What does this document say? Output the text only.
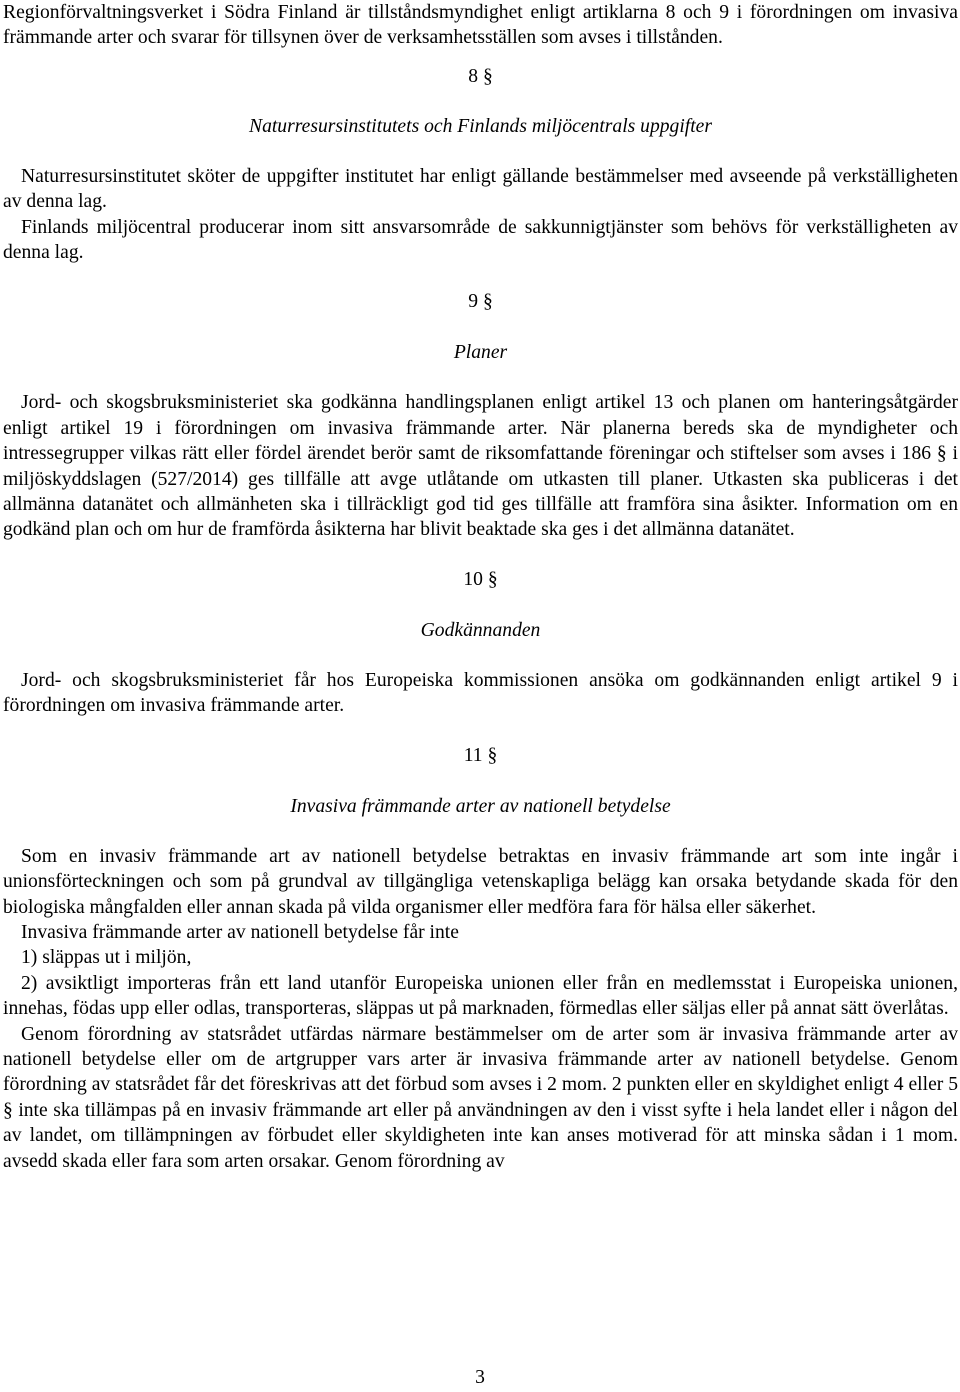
Regionförvaltningsverket i Södra Finland är tillståndsmyndighet enligt artiklarna 8 och 9 i förordningen om invasiva främmande arter och svarar för tillsynen över de verksamhetsställen som avses i tillstånden.

8 §

Naturresursinstitutets och Finlands miljöcentrals uppgifter

Naturresursinstitutet sköter de uppgifter institutet har enligt gällande bestämmelser med avseende på verkställigheten av denna lag.

Finlands miljöcentral producerar inom sitt ansvarsområde de sakkunnigtjänster som behövs för verkställigheten av denna lag.

9 §

Planer

Jord- och skogsbruksministeriet ska godkänna handlingsplanen enligt artikel 13 och planen om hanteringsåtgärder enligt artikel 19 i förordningen om invasiva främmande arter. När planerna bereds ska de myndigheter och intressegrupper vilkas rätt eller fördel ärendet berör samt de riksomfattande föreningar och stiftelser som avses i 186 § i miljöskyddslagen (527/2014) ges tillfälle att avge utlåtande om utkasten till planer. Utkasten ska publiceras i det allmänna datanätet och allmänheten ska i tillräckligt god tid ges tillfälle att framföra sina åsikter. Information om en godkänd plan och om hur de framförda åsikterna har blivit beaktade ska ges i det allmänna datanätet.

10 §

Godkännanden

Jord- och skogsbruksministeriet får hos Europeiska kommissionen ansöka om godkännanden enligt artikel 9 i förordningen om invasiva främmande arter.

11 §

Invasiva främmande arter av nationell betydelse

Som en invasiv främmande art av nationell betydelse betraktas en invasiv främmande art som inte ingår i unionsförteckningen och som på grundval av tillgängliga vetenskapliga belägg kan orsaka betydande skada för den biologiska mångfalden eller annan skada på vilda organismer eller medföra fara för hälsa eller säkerhet.

Invasiva främmande arter av nationell betydelse får inte

1) släppas ut i miljön,

2) avsiktligt importeras från ett land utanför Europeiska unionen eller från en medlemsstat i Europeiska unionen, innehas, födas upp eller odlas, transporteras, släppas ut på marknaden, förmedlas eller säljas eller på annat sätt överlåtas.

Genom förordning av statsrådet utfärdas närmare bestämmelser om de arter som är invasiva främmande arter av nationell betydelse eller om de artgrupper vars arter är invasiva främmande arter av nationell betydelse. Genom förordning av statsrådet får det föreskrivas att det förbud som avses i 2 mom. 2 punkten eller en skyldighet enligt 4 eller 5 § inte ska tillämpas på en invasiv främmande art eller på användningen av den i visst syfte i hela landet eller i någon del av landet, om tillämpningen av förbudet eller skyldigheten inte kan anses motiverad för att minska sådan i 1 mom. avsedd skada eller fara som arten orsakar. Genom förordning av

3
